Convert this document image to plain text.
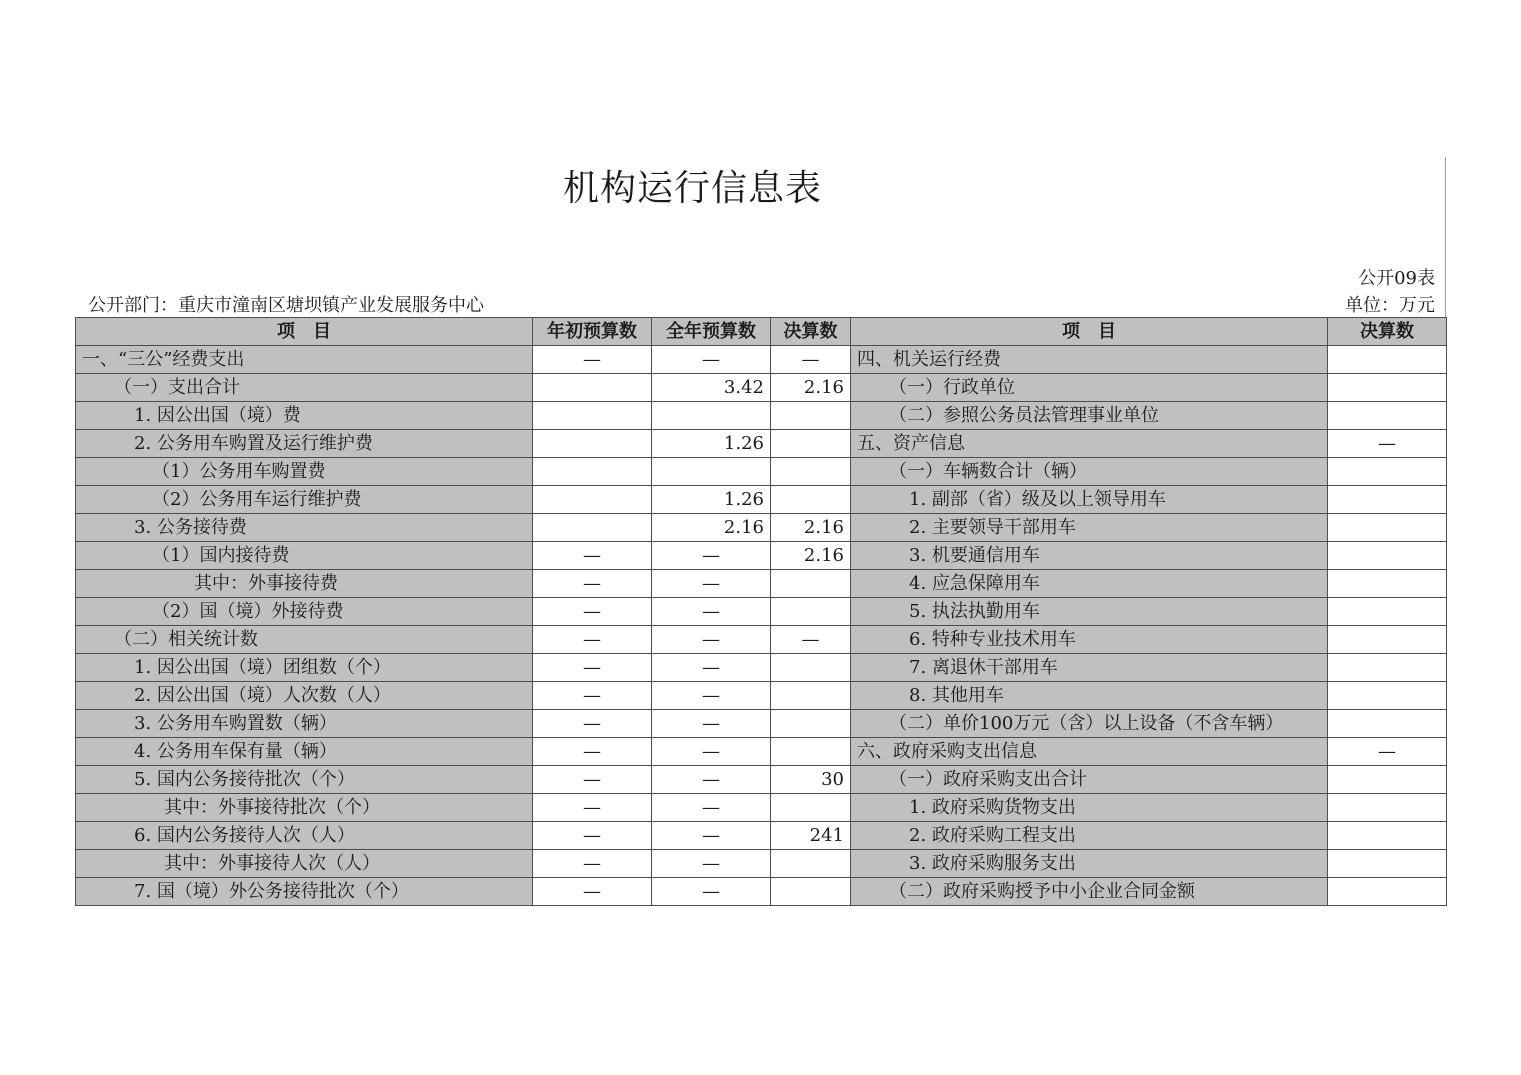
机构运行信息表
公开09表
公开部门：重庆市潼南区塘坝镇产业发展服务中心	单位：万元
项　目	年初预算数	全年预算数	决算数	项　目	决算数
一、“三公”经费支出	—	—	—	四、机关运行经费	
（一）支出合计		3.42	2.16	（一）行政单位	
1. 因公出国（境）费				（二）参照公务员法管理事业单位	
2. 公务用车购置及运行维护费		1.26		五、资产信息	—
（1）公务用车购置费				（一）车辆数合计（辆）	
（2）公务用车运行维护费		1.26		1. 副部（省）级及以上领导用车	
3. 公务接待费		2.16	2.16	2. 主要领导干部用车	
（1）国内接待费	—	—	2.16	3. 机要通信用车	
其中：外事接待费	—	—		4. 应急保障用车	
（2）国（境）外接待费	—	—		5. 执法执勤用车	
（二）相关统计数	—	—	—	6. 特种专业技术用车	
1. 因公出国（境）团组数（个）	—	—		7. 离退休干部用车	
2. 因公出国（境）人次数（人）	—	—		8. 其他用车	
3. 公务用车购置数（辆）	—	—		（二）单价100万元（含）以上设备（不含车辆）	
4. 公务用车保有量（辆）	—	—		六、政府采购支出信息	—
5. 国内公务接待批次（个）	—	—	30	（一）政府采购支出合计	
其中：外事接待批次（个）	—	—		1. 政府采购货物支出	
6. 国内公务接待人次（人）	—	—	241	2. 政府采购工程支出	
其中：外事接待人次（人）	—	—		3. 政府采购服务支出	
7. 国（境）外公务接待批次（个）	—	—		（二）政府采购授予中小企业合同金额	
